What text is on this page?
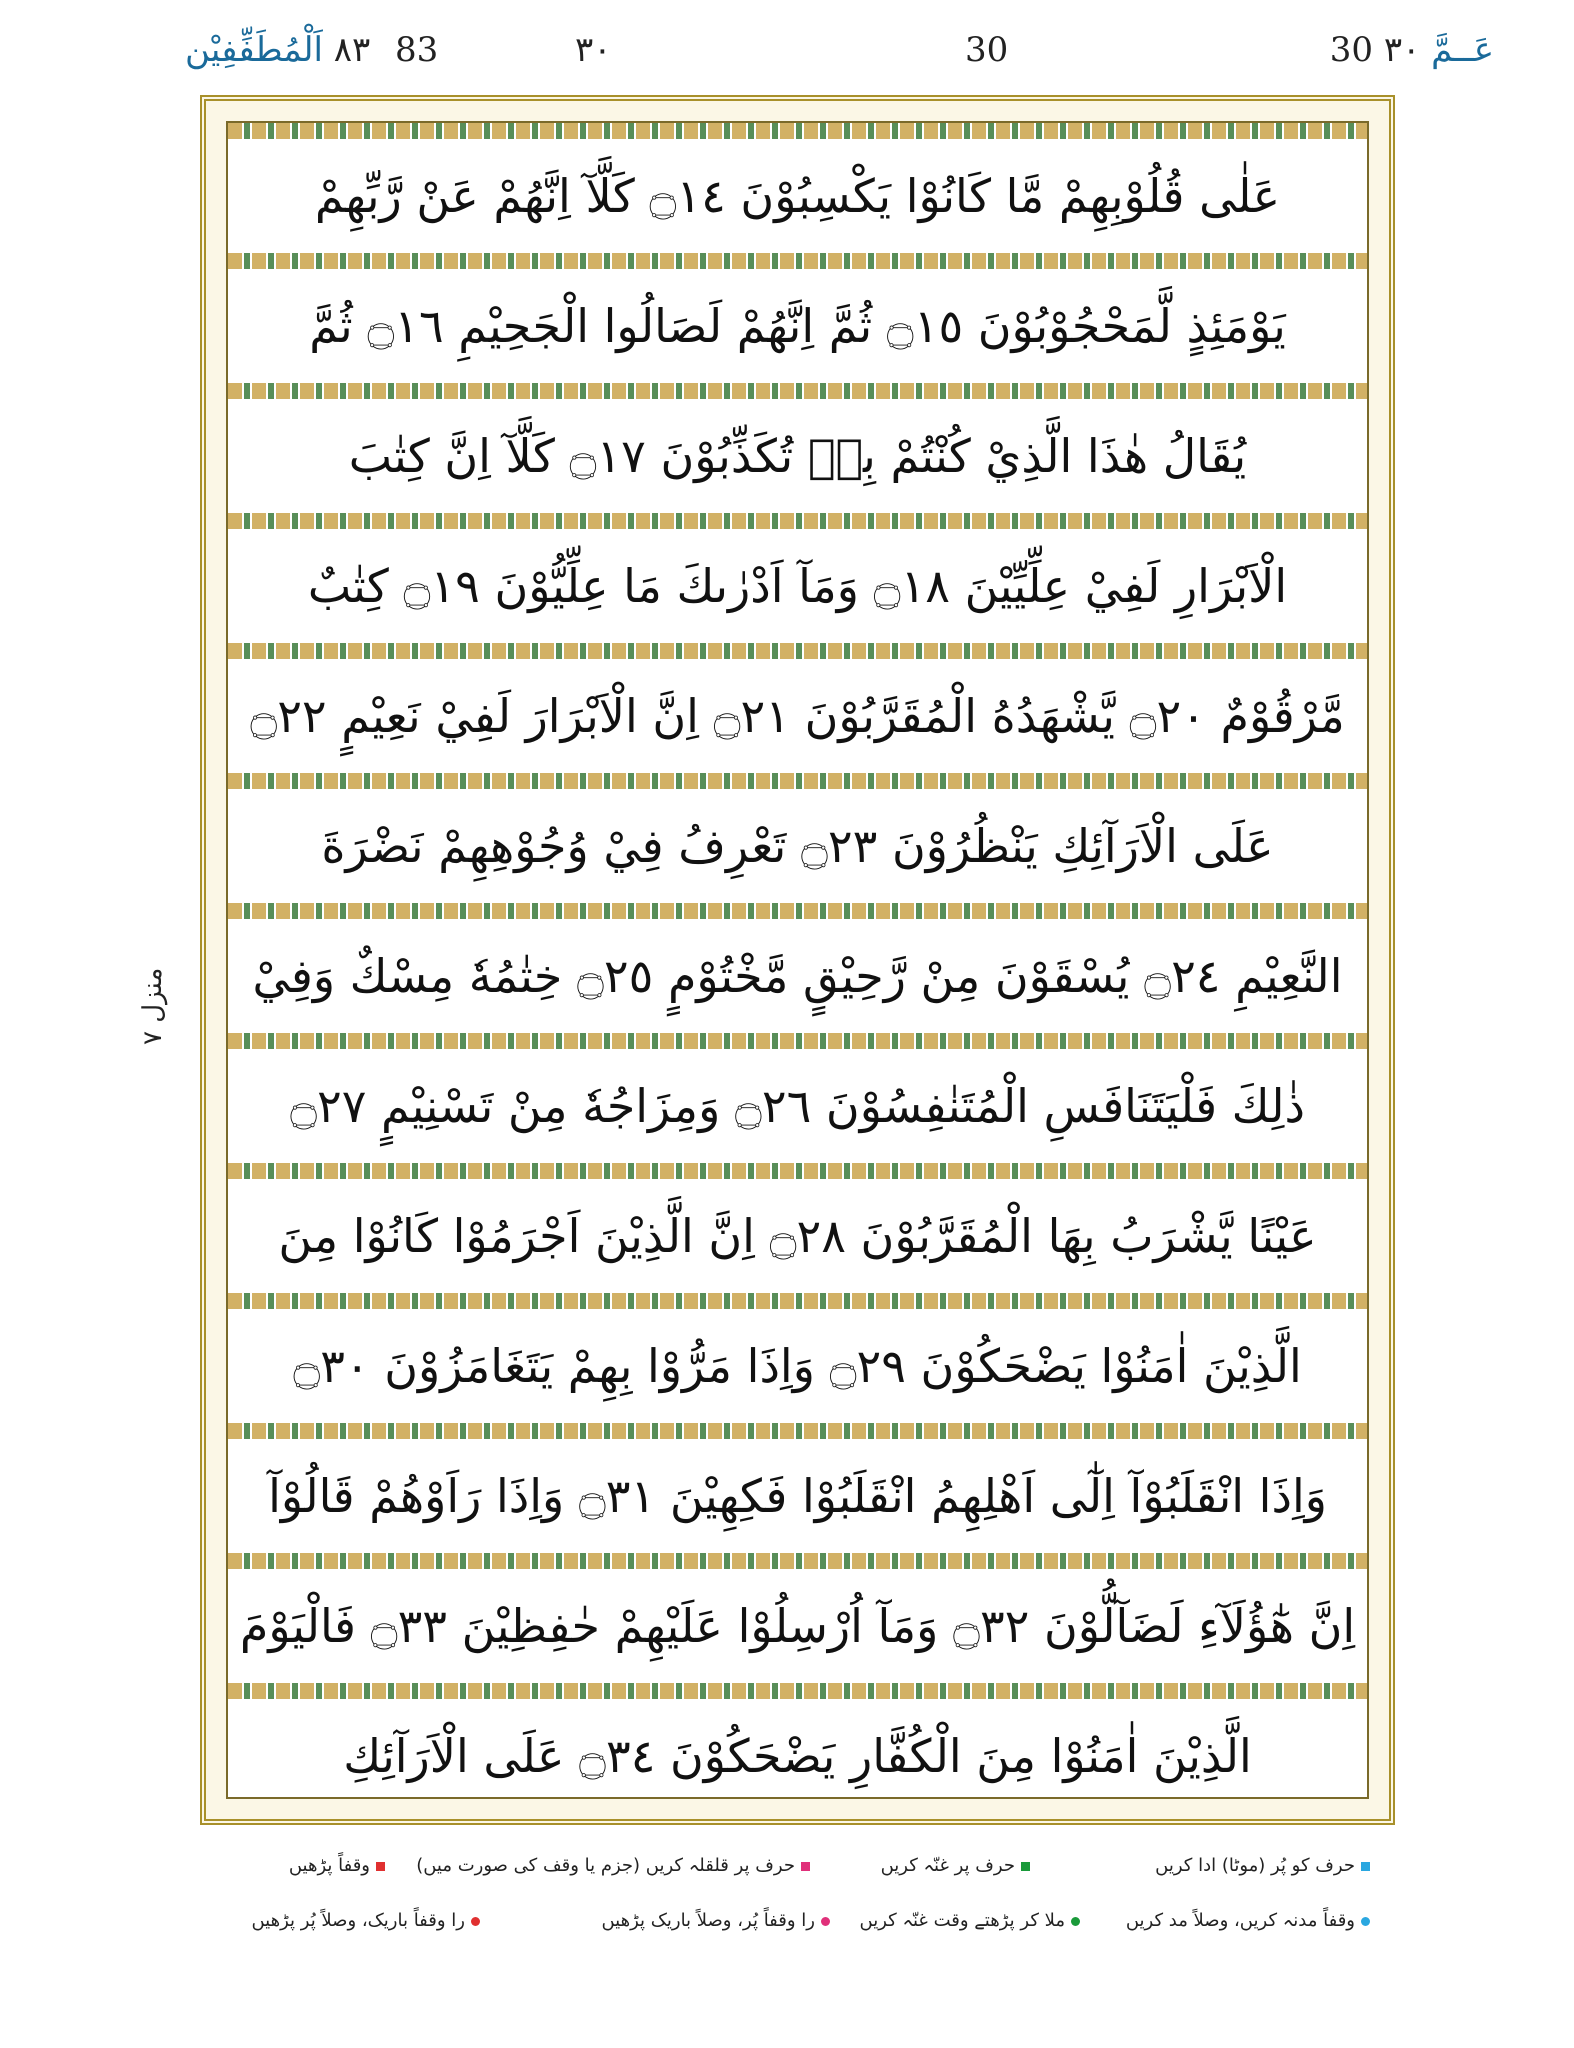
30 عَــمَّ ٣٠
30
٣٠
83
٨٣ اَلْمُطَفِّفِيْن
منزل ٧
عَلٰى قُلُوْبِهِمْ مَّا كَانُوْا يَكْسِبُوْنَ ۝١٤ كَلَّآ اِنَّهُمْ عَنْ رَّبِّهِمْ
يَوْمَئِذٍ لَّمَحْجُوْبُوْنَ ۝١٥ ثُمَّ اِنَّهُمْ لَصَالُوا الْجَحِيْمِ ۝١٦ ثُمَّ
يُقَالُ هٰذَا الَّذِيْ كُنْتُمْ بِهٖ تُكَذِّبُوْنَ ۝١٧ كَلَّآ اِنَّ كِتٰبَ
الْاَبْرَارِ لَفِيْ عِلِّيِّيْنَ ۝١٨ وَمَآ اَدْرٰىكَ مَا عِلِّيُّوْنَ ۝١٩ كِتٰبٌ
مَّرْقُوْمٌ ۝٢٠ يَّشْهَدُهُ الْمُقَرَّبُوْنَ ۝٢١ اِنَّ الْاَبْرَارَ لَفِيْ نَعِيْمٍ ۝٢٢
عَلَى الْاَرَآئِكِ يَنْظُرُوْنَ ۝٢٣ تَعْرِفُ فِيْ وُجُوْهِهِمْ نَضْرَةَ
النَّعِيْمِ ۝٢٤ يُسْقَوْنَ مِنْ رَّحِيْقٍ مَّخْتُوْمٍ ۝٢٥ خِتٰمُهٗ مِسْكٌ وَفِيْ
ذٰلِكَ فَلْيَتَنَافَسِ الْمُتَنٰفِسُوْنَ ۝٢٦ وَمِزَاجُهٗ مِنْ تَسْنِيْمٍ ۝٢٧
عَيْنًا يَّشْرَبُ بِهَا الْمُقَرَّبُوْنَ ۝٢٨ اِنَّ الَّذِيْنَ اَجْرَمُوْا كَانُوْا مِنَ
الَّذِيْنَ اٰمَنُوْا يَضْحَكُوْنَ ۝٢٩ وَاِذَا مَرُّوْا بِهِمْ يَتَغَامَزُوْنَ ۝٣٠
وَاِذَا انْقَلَبُوْآ اِلٰٓى اَهْلِهِمُ انْقَلَبُوْا فَكِهِيْنَ ۝٣١ وَاِذَا رَاَوْهُمْ قَالُوْآ
اِنَّ هٰٓؤُلَآءِ لَضَآلُّوْنَ ۝٣٢ وَمَآ اُرْسِلُوْا عَلَيْهِمْ حٰفِظِيْنَ ۝٣٣ فَالْيَوْمَ
الَّذِيْنَ اٰمَنُوْا مِنَ الْكُفَّارِ يَضْحَكُوْنَ ۝٣٤ عَلَى الْاَرَآئِكِ
حرف کو پُر (موٹا) ادا کریں
حرف پر غنّہ کریں
حرف پر قلقلہ کریں (جزم یا وقف کی صورت میں)
وقفاً پڑھیں
وقفاً مدنہ کریں، وصلاً مد کریں
ملا کر پڑھتے وقت غنّہ کریں
را وقفاً پُر، وصلاً باریک پڑھیں
را وقفاً باریک، وصلاً پُر پڑھیں
